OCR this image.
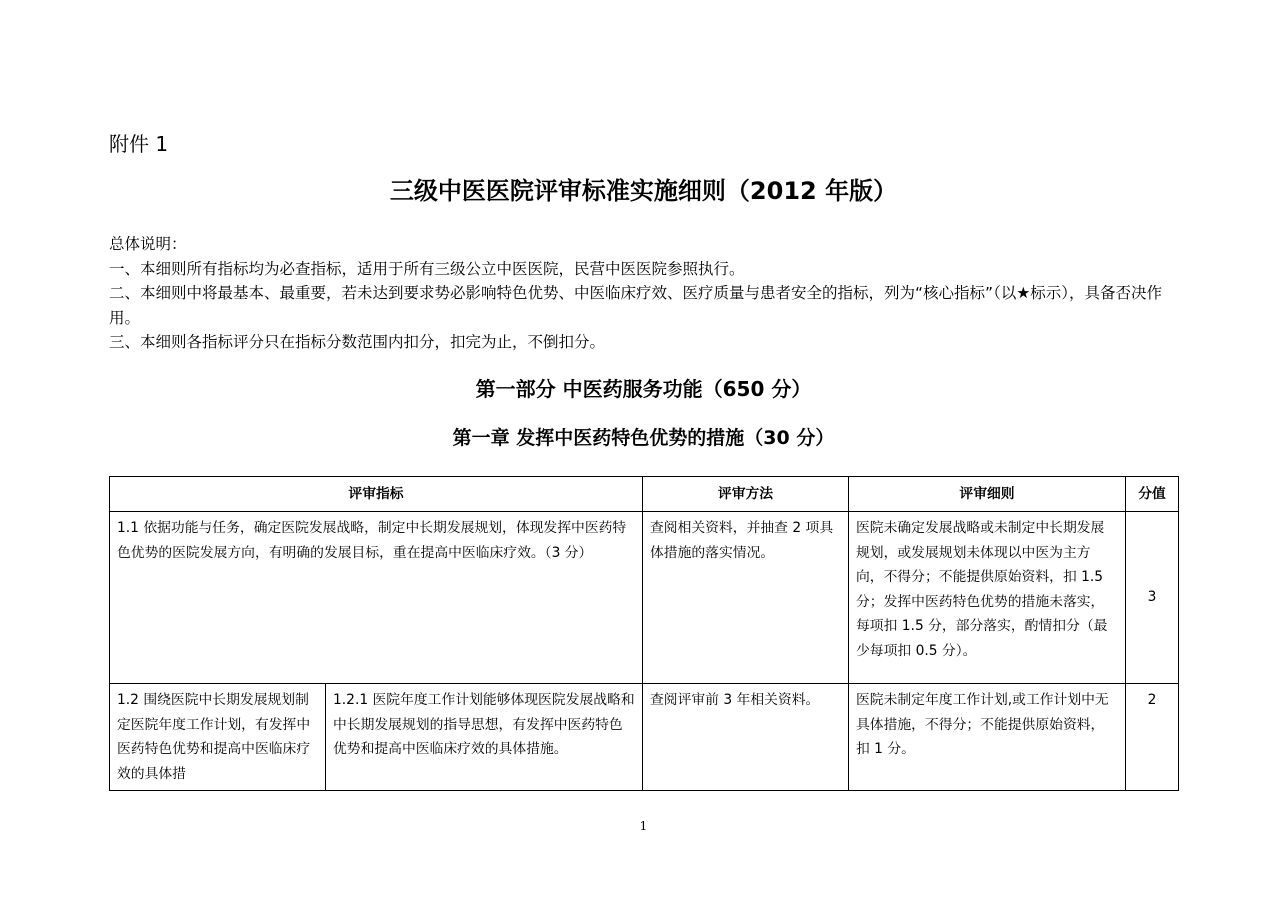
附件 1
三级中医医院评审标准实施细则（2012 年版）

总体说明：

一、本细则所有指标均为必查指标，适用于所有三级公立中医医院，民营中医医院参照执行。

二、本细则中将最基本、最重要，若未达到要求势必影响特色优势、中医临床疗效、医疗质量与患者安全的指标，列为“核心指标”（以★标示），具备否决作用。

三、本细则各指标评分只在指标分数范围内扣分，扣完为止，不倒扣分。

第一部分 中医药服务功能（650 分）
第一章 发挥中医药特色优势的措施（30 分）
评审指标		评审方法	评审细则	分值
1.1 依据功能与任务，确定医院发展战略，制定中长期发展规划，体现发挥中医药特色优势的医院发展方向，有明确的发展目标，重在提高中医临床疗效。（3 分）		查阅相关资料，并抽查 2 项具体措施的落实情况。	医院未确定发展战略或未制定中长期发展规划，或发展规划未体现以中医为主方向，不得分；不能提供原始资料，扣 1.5 分；发挥中医药特色优势的措施未落实，每项扣 1.5 分，部分落实，酌情扣分（最少每项扣 0.5 分）。	3
1.2 围绕医院中长期发展规划制定医院年度工作计划，有发挥中医药特色优势和提高中医临床疗效的具体措	1.2.1 医院年度工作计划能够体现医院发展战略和中长期发展规划的指导思想，有发挥中医药特色优势和提高中医临床疗效的具体措施。	查阅评审前 3 年相关资料。	医院未制定年度工作计划,或工作计划中无具体措施，不得分；不能提供原始资料，扣 1 分。	2
1
